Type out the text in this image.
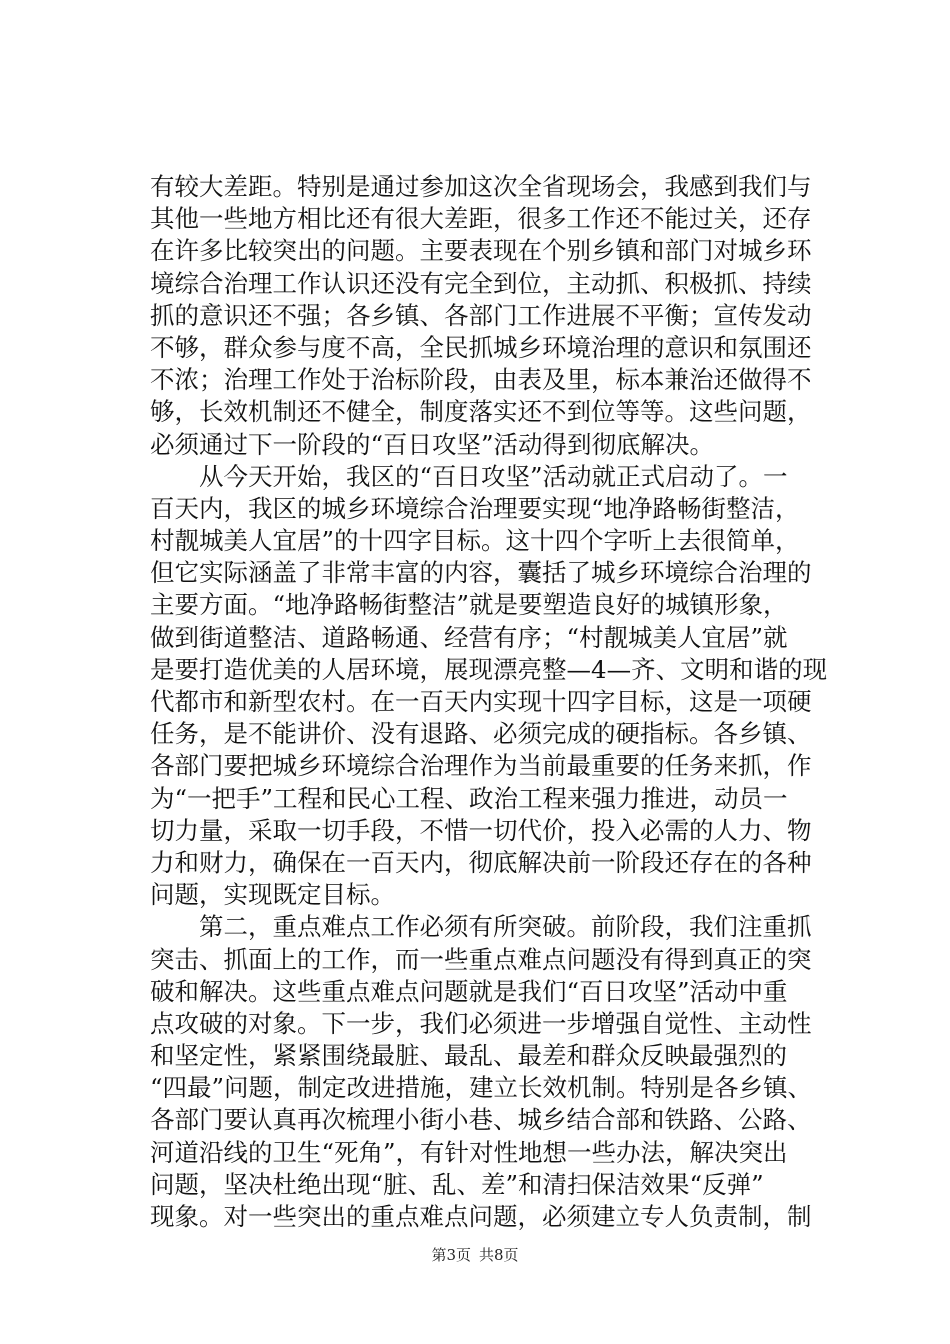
有较大差距。特别是通过参加这次全省现场会，我感到我们与
其他一些地方相比还有很大差距，很多工作还不能过关，还存
在许多比较突出的问题。主要表现在个别乡镇和部门对城乡环
境综合治理工作认识还没有完全到位，主动抓、积极抓、持续
抓的意识还不强；各乡镇、各部门工作进展不平衡；宣传发动
不够，群众参与度不高，全民抓城乡环境治理的意识和氛围还
不浓；治理工作处于治标阶段，由表及里，标本兼治还做得不
够，长效机制还不健全，制度落实还不到位等等。这些问题，
必须通过下一阶段的“百日攻坚”活动得到彻底解决。
从今天开始，我区的“百日攻坚”活动就正式启动了。一
百天内，我区的城乡环境综合治理要实现“地净路畅街整洁，
村靓城美人宜居”的十四字目标。这十四个字听上去很简单，
但它实际涵盖了非常丰富的内容，囊括了城乡环境综合治理的
主要方面。“地净路畅街整洁”就是要塑造良好的城镇形象，
做到街道整洁、道路畅通、经营有序；“村靓城美人宜居”就
是要打造优美的人居环境，展现漂亮整—4—齐、文明和谐的现
代都市和新型农村。在一百天内实现十四字目标，这是一项硬
任务，是不能讲价、没有退路、必须完成的硬指标。各乡镇、
各部门要把城乡环境综合治理作为当前最重要的任务来抓，作
为“一把手”工程和民心工程、政治工程来强力推进，动员一
切力量，采取一切手段，不惜一切代价，投入必需的人力、物
力和财力，确保在一百天内，彻底解决前一阶段还存在的各种
问题，实现既定目标。
第二，重点难点工作必须有所突破。前阶段，我们注重抓
突击、抓面上的工作，而一些重点难点问题没有得到真正的突
破和解决。这些重点难点问题就是我们“百日攻坚”活动中重
点攻破的对象。下一步，我们必须进一步增强自觉性、主动性
和坚定性，紧紧围绕最脏、最乱、最差和群众反映最强烈的
“四最”问题，制定改进措施，建立长效机制。特别是各乡镇、
各部门要认真再次梳理小街小巷、城乡结合部和铁路、公路、
河道沿线的卫生“死角”，有针对性地想一些办法，解决突出
问题，坚决杜绝出现“脏、乱、差”和清扫保洁效果“反弹”
现象。对一些突出的重点难点问题，必须建立专人负责制，制
第3页 共8页
